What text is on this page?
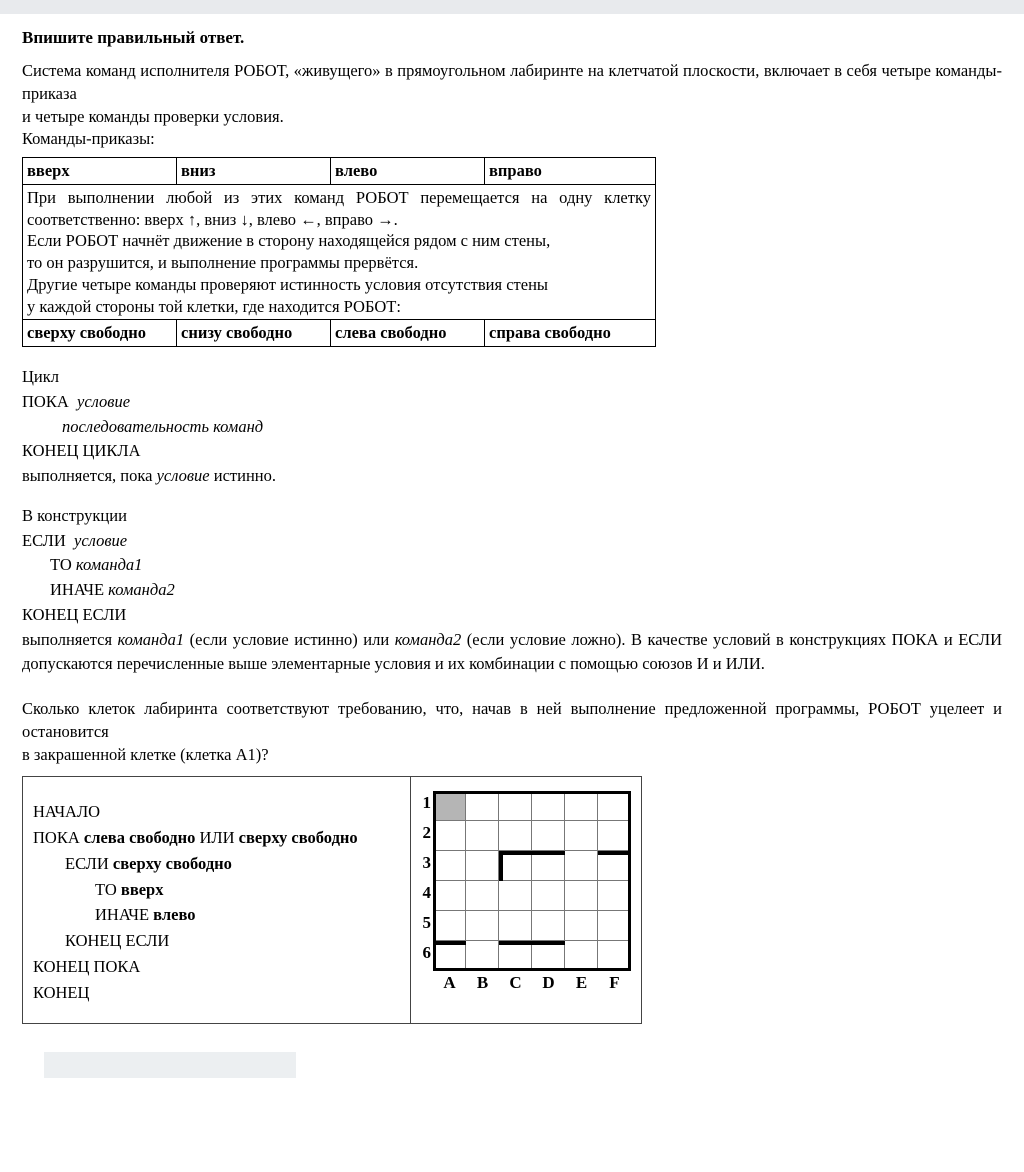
Впишите правильный ответ.

Система команд исполнителя РОБОТ, «живущего» в прямоугольном лабиринте на клетчатой плоскости, включает в себя четыре команды-приказа

и четыре команды проверки условия.

Команды-приказы:

вверх	вниз	влево	вправо

При выполнении любой из этих команд РОБОТ перемещается на одну клетку соответственно: вверх ↑, вниз ↓, влево ←, вправо →.
Если РОБОТ начнёт движение в сторону находящейся рядом с ним стены,
то он разрушится, и выполнение программы прервётся.
Другие четыре команды проверяют истинность условия отсутствия стены
у каждой стороны той клетки, где находится РОБОТ:			

сверху свободно	снизу свободно	слева свободно	справа свободно
Цикл
ПОКА условие
последовательность команд
КОНЕЦ ЦИКЛА
выполняется, пока условие истинно.
В конструкции
ЕСЛИ условие
ТО команда1
ИНАЧЕ команда2
КОНЕЦ ЕСЛИ
выполняется команда1 (если условие истинно) или команда2 (если условие ложно). В качестве условий в конструкциях ПОКА и ЕСЛИ допускаются перечисленные выше элементарные условия и их комбинации с помощью союзов И и ИЛИ.

Сколько клеток лабиринта соответствуют требованию, что, начав в ней выполнение предложенной программы, РОБОТ уцелеет и остановится

в закрашенной клетке (клетка A1)?

НАЧАЛО
ПОКА слева свободно ИЛИ сверху свободно
ЕСЛИ сверху свободно
ТО вверх
ИНАЧЕ влево
КОНЕЦ ЕСЛИ
КОНЕЦ ПОКА
КОНЕЦ
1
2
3
4
5
6
A	B	C	D	E	F
